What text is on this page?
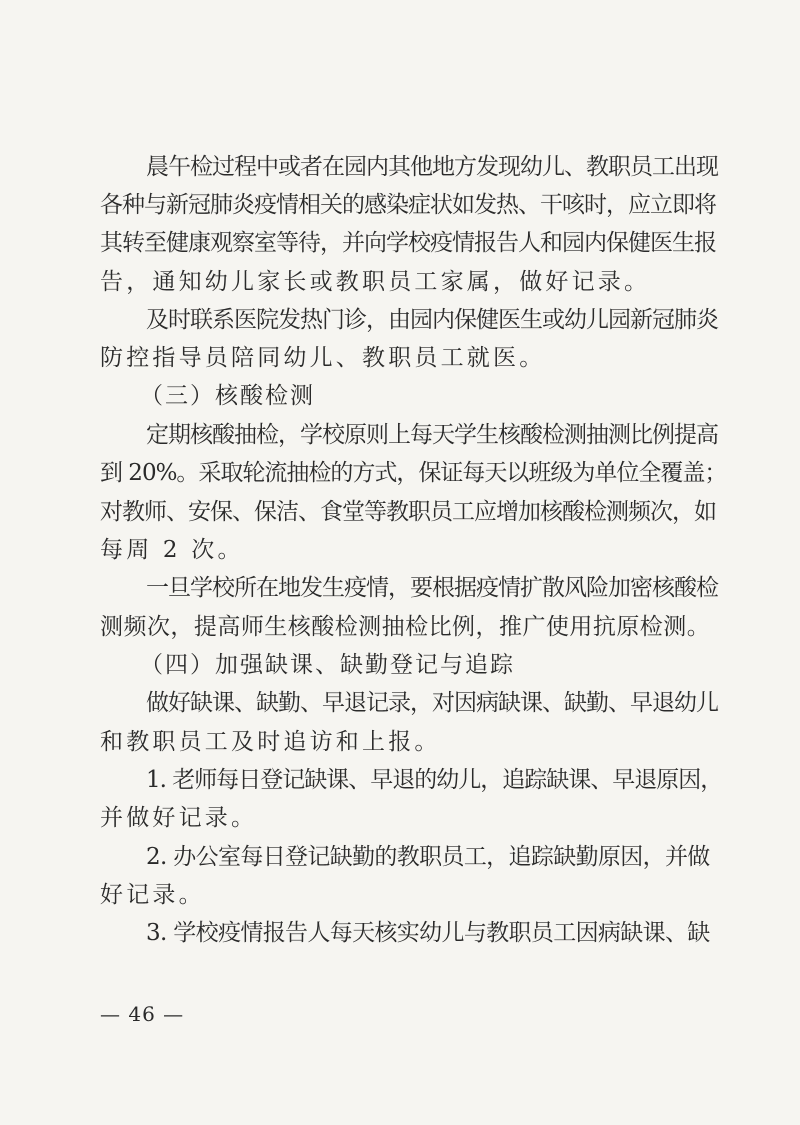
晨午检过程中或者在园内其他地方发现幼儿、教职员工出现
各种与新冠肺炎疫情相关的感染症状如发热、干咳时，应立即将
其转至健康观察室等待，并向学校疫情报告人和园内保健医生报
告，通知幼儿家长或教职员工家属，做好记录。
及时联系医院发热门诊，由园内保健医生或幼儿园新冠肺炎
防控指导员陪同幼儿、教职员工就医。
（三）核酸检测
定期核酸抽检，学校原则上每天学生核酸检测抽测比例提高
到 20%。采取轮流抽检的方式，保证每天以班级为单位全覆盖；
对教师、安保、保洁、食堂等教职员工应增加核酸检测频次，如
每周 2 次。
一旦学校所在地发生疫情，要根据疫情扩散风险加密核酸检
测频次，提高师生核酸检测抽检比例，推广使用抗原检测。
（四）加强缺课、缺勤登记与追踪
做好缺课、缺勤、早退记录，对因病缺课、缺勤、早退幼儿
和教职员工及时追访和上报。
1. 老师每日登记缺课、早退的幼儿，追踪缺课、早退原因，
并做好记录。
2. 办公室每日登记缺勤的教职员工，追踪缺勤原因，并做
好记录。
3. 学校疫情报告人每天核实幼儿与教职员工因病缺课、缺
— 46 —
